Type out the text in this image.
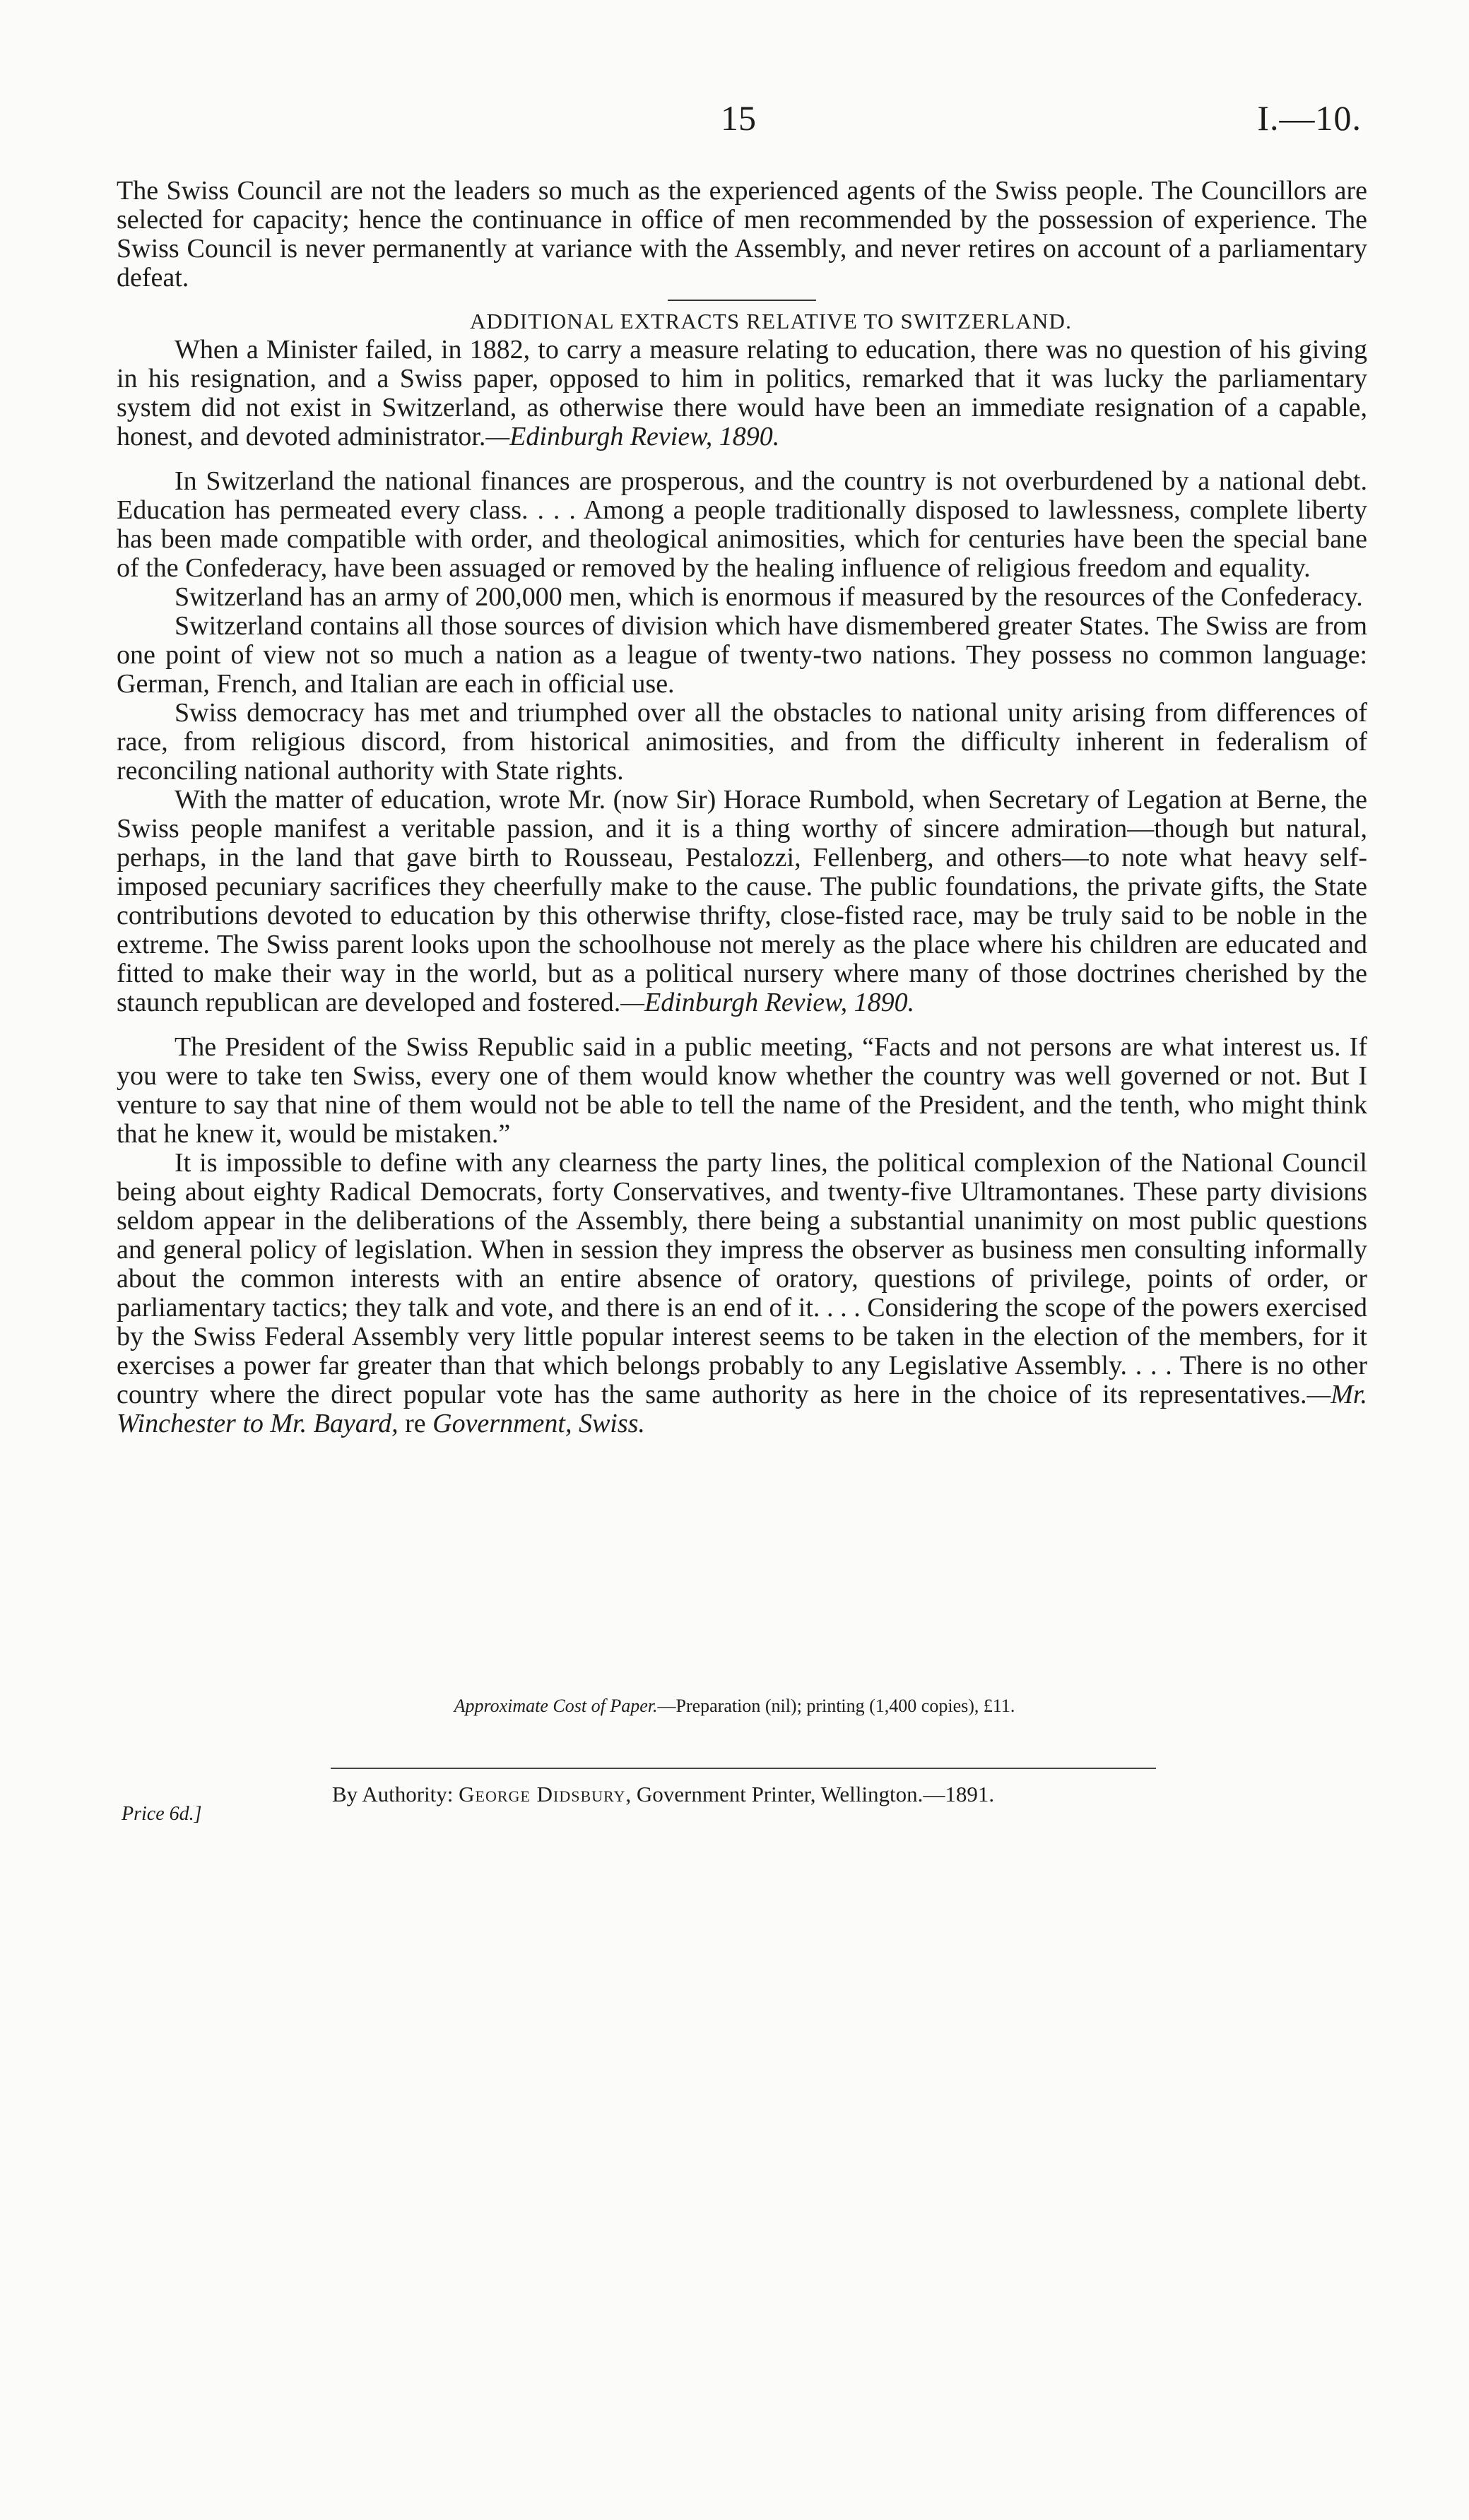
15	I.—10.

The Swiss Council are not the leaders so much as the experienced agents of the Swiss people. The Councillors are selected for capacity; hence the continuance in office of men recommended by the possession of experience. The Swiss Council is never permanently at variance with the Assembly, and never retires on account of a parliamentary defeat.

ADDITIONAL EXTRACTS RELATIVE TO SWITZERLAND.

When a Minister failed, in 1882, to carry a measure relating to education, there was no question of his giving in his resignation, and a Swiss paper, opposed to him in politics, remarked that it was lucky the parliamentary system did not exist in Switzerland, as otherwise there would have been an immediate resignation of a capable, honest, and devoted administrator.—Edinburgh Review, 1890.

In Switzerland the national finances are prosperous, and the country is not overburdened by a national debt. Education has permeated every class. . . . Among a people traditionally disposed to lawlessness, complete liberty has been made compatible with order, and theological animosities, which for centuries have been the special bane of the Confederacy, have been assuaged or removed by the healing influence of religious freedom and equality.

Switzerland has an army of 200,000 men, which is enormous if measured by the resources of the Confederacy.

Switzerland contains all those sources of division which have dismembered greater States. The Swiss are from one point of view not so much a nation as a league of twenty-two nations. They possess no common language: German, French, and Italian are each in official use.

Swiss democracy has met and triumphed over all the obstacles to national unity arising from differences of race, from religious discord, from historical animosities, and from the difficulty inherent in federalism of reconciling national authority with State rights.

With the matter of education, wrote Mr. (now Sir) Horace Rumbold, when Secretary of Legation at Berne, the Swiss people manifest a veritable passion, and it is a thing worthy of sincere admiration—though but natural, perhaps, in the land that gave birth to Rousseau, Pestalozzi, Fellenberg, and others—to note what heavy self-imposed pecuniary sacrifices they cheerfully make to the cause. The public foundations, the private gifts, the State contributions devoted to education by this otherwise thrifty, close-fisted race, may be truly said to be noble in the extreme. The Swiss parent looks upon the schoolhouse not merely as the place where his children are educated and fitted to make their way in the world, but as a political nursery where many of those doctrines cherished by the staunch republican are developed and fostered.—Edinburgh Review, 1890.

The President of the Swiss Republic said in a public meeting, “Facts and not persons are what interest us. If you were to take ten Swiss, every one of them would know whether the country was well governed or not. But I venture to say that nine of them would not be able to tell the name of the President, and the tenth, who might think that he knew it, would be mistaken.”

It is impossible to define with any clearness the party lines, the political complexion of the National Council being about eighty Radical Democrats, forty Conservatives, and twenty-five Ultramontanes. These party divisions seldom appear in the deliberations of the Assembly, there being a substantial unanimity on most public questions and general policy of legislation. When in session they impress the observer as business men consulting informally about the common interests with an entire absence of oratory, questions of privilege, points of order, or parliamentary tactics; they talk and vote, and there is an end of it. . . . Considering the scope of the powers exercised by the Swiss Federal Assembly very little popular interest seems to be taken in the election of the members, for it exercises a power far greater than that which belongs probably to any Legislative Assembly. . . . There is no other country where the direct popular vote has the same authority as here in the choice of its representatives.—Mr. Winchester to Mr. Bayard, re Government, Swiss.

Approximate Cost of Paper.—Preparation (nil); printing (1,400 copies), £11.
By Authority: George Didsbury, Government Printer, Wellington.—1891.
Price 6d.]
